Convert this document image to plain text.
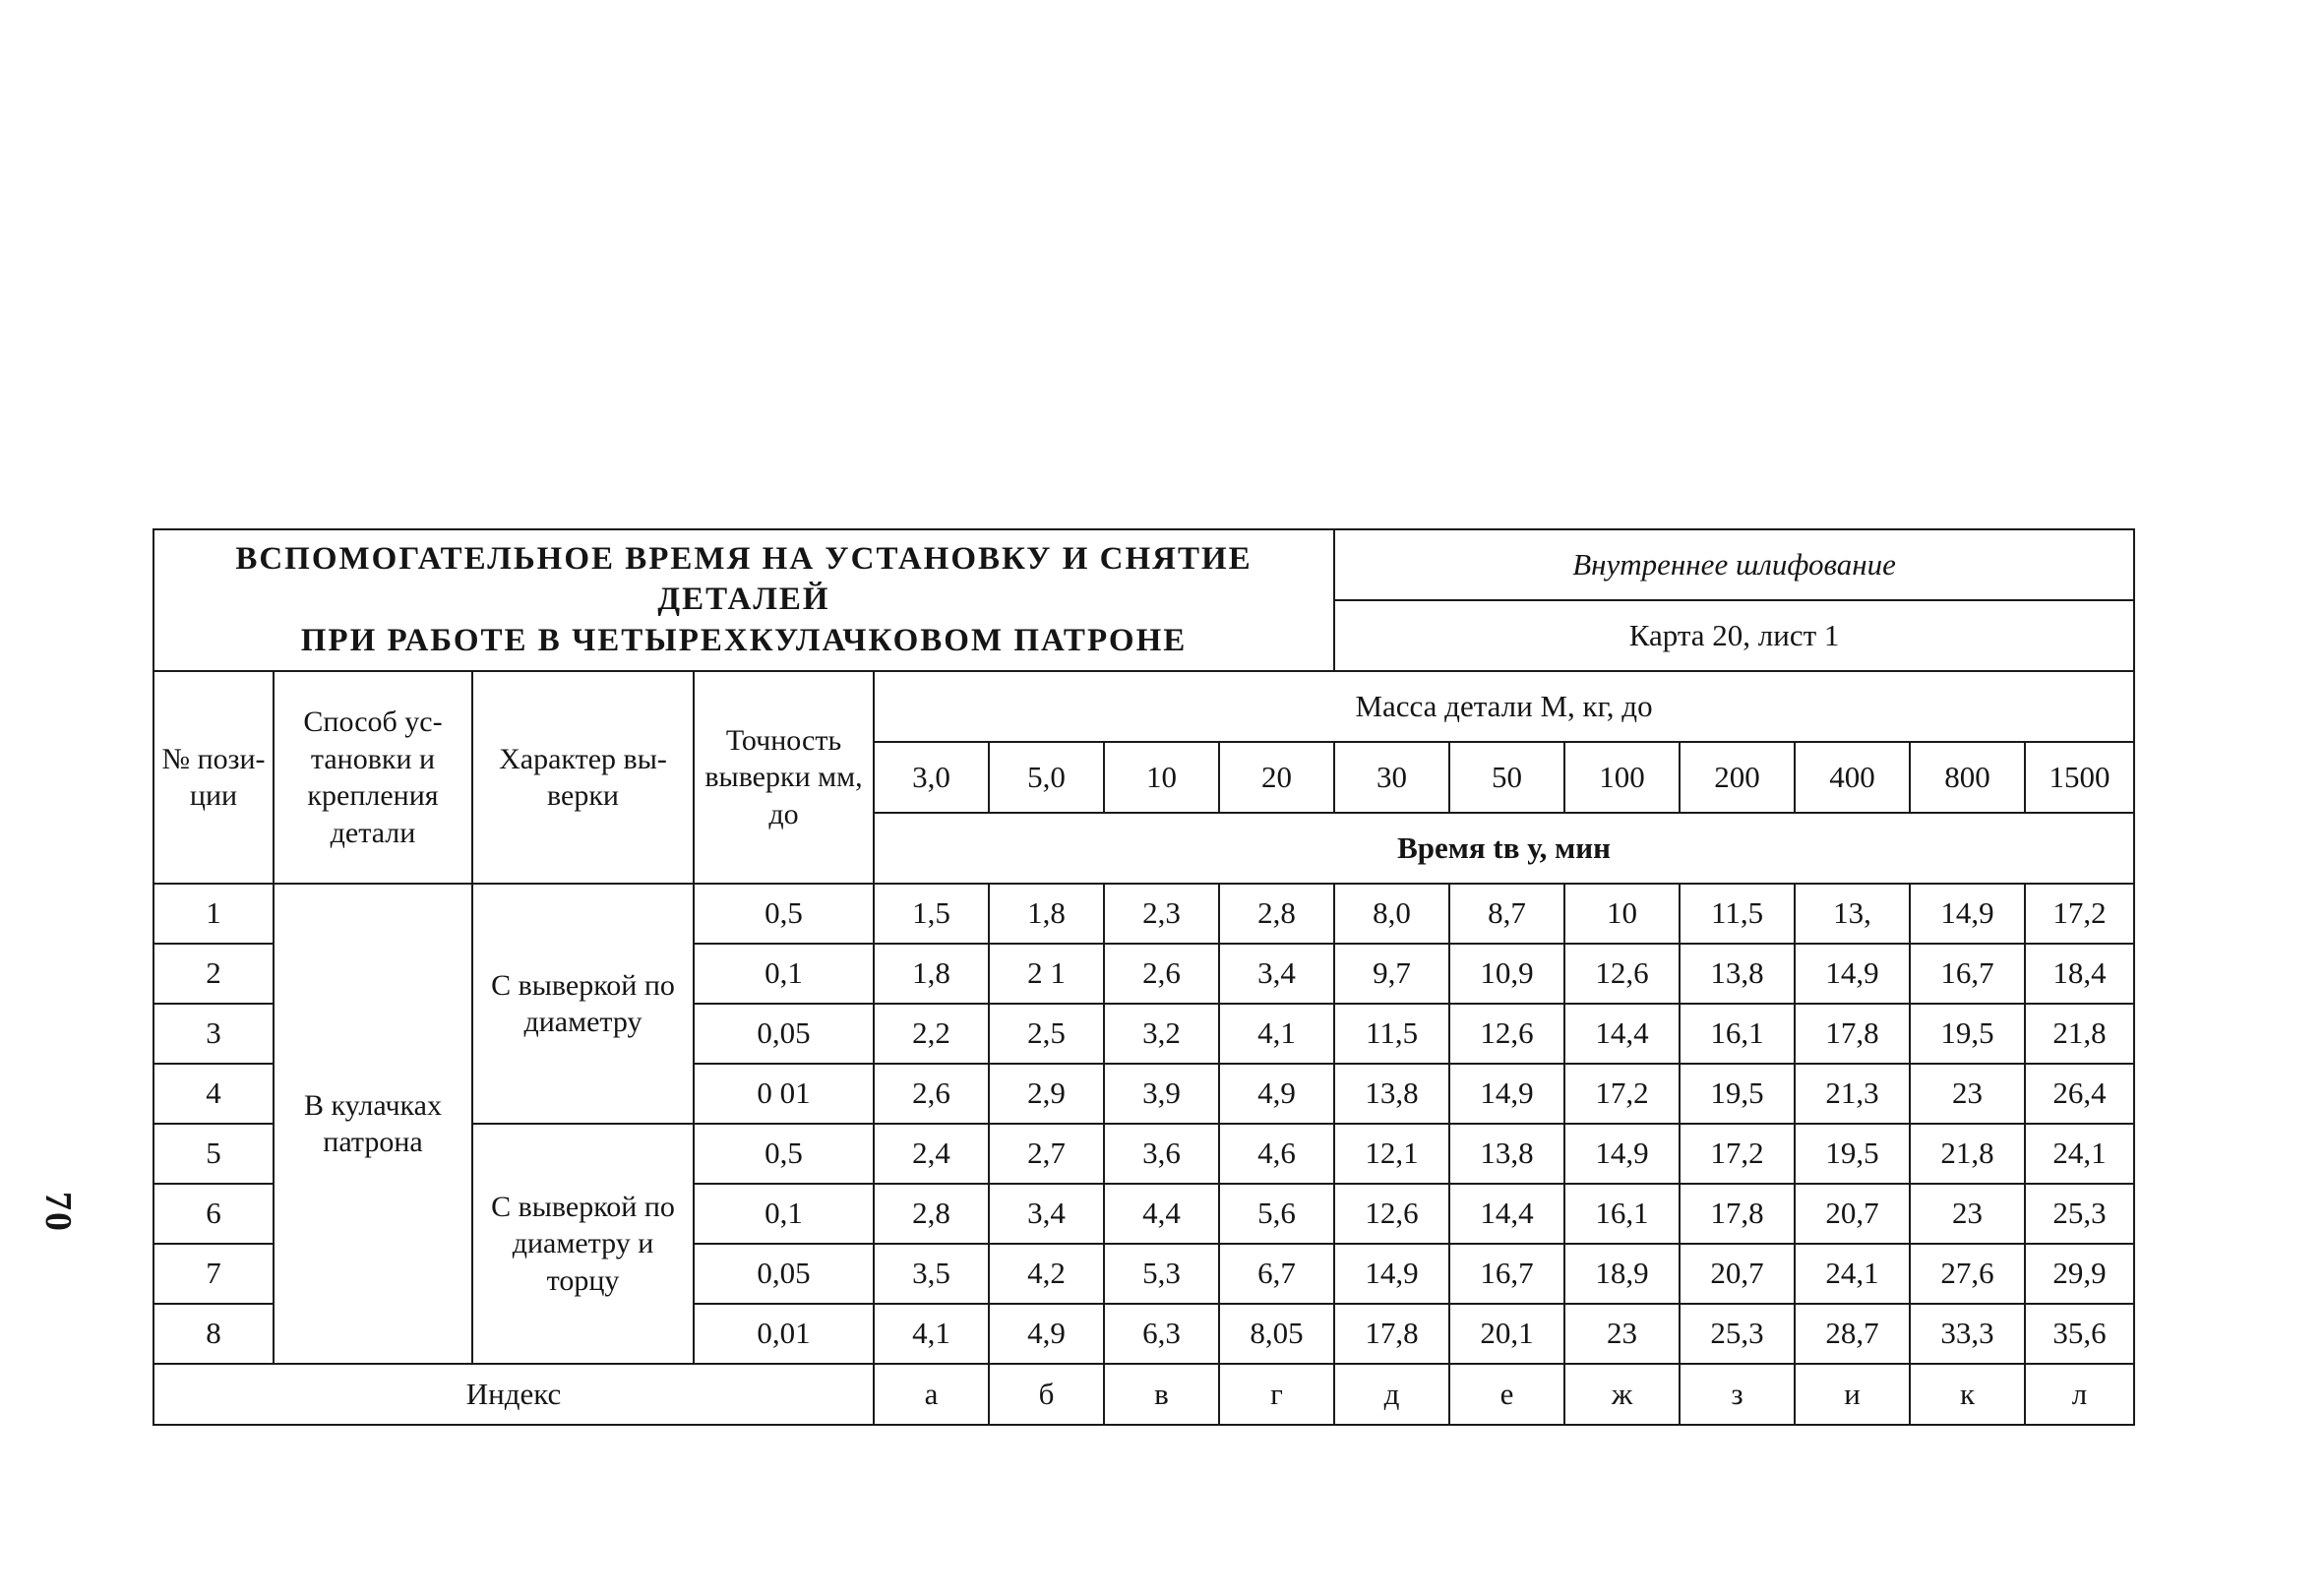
70
ВСПОМОГАТЕЛЬНОЕ ВРЕМЯ НА УСТАНОВКУ И СНЯТИЕ ДЕТАЛЕЙ
ПРИ РАБОТЕ В ЧЕТЫРЕХКУЛАЧКОВОМ ПАТРОНЕ								Внутреннее шлифование						
								Карта 20, лист 1						
№ пози-ции	Способ ус-тановки и крепления детали	Характер вы-верки	Точность выверки мм, до	Масса детали М, кг, до										
				3,0	5,0	10	20	30	50	100	200	400	800	1500
				Время tв у, мин										
1	В кулачках патрона	С выверкой по диаметру	0,5	1,5	1,8	2,3	2,8	8,0	8,7	10	11,5	13,	14,9	17,2
2			0,1	1,8	2 1	2,6	3,4	9,7	10,9	12,6	13,8	14,9	16,7	18,4
3			0,05	2,2	2,5	3,2	4,1	11,5	12,6	14,4	16,1	17,8	19,5	21,8
4			0 01	2,6	2,9	3,9	4,9	13,8	14,9	17,2	19,5	21,3	23	26,4
5		С выверкой по диаметру и торцу	0,5	2,4	2,7	3,6	4,6	12,1	13,8	14,9	17,2	19,5	21,8	24,1
6			0,1	2,8	3,4	4,4	5,6	12,6	14,4	16,1	17,8	20,7	23	25,3
7			0,05	3,5	4,2	5,3	6,7	14,9	16,7	18,9	20,7	24,1	27,6	29,9
8			0,01	4,1	4,9	6,3	8,05	17,8	20,1	23	25,3	28,7	33,3	35,6
Индекс				а	б	в	г	д	е	ж	з	и	к	л
